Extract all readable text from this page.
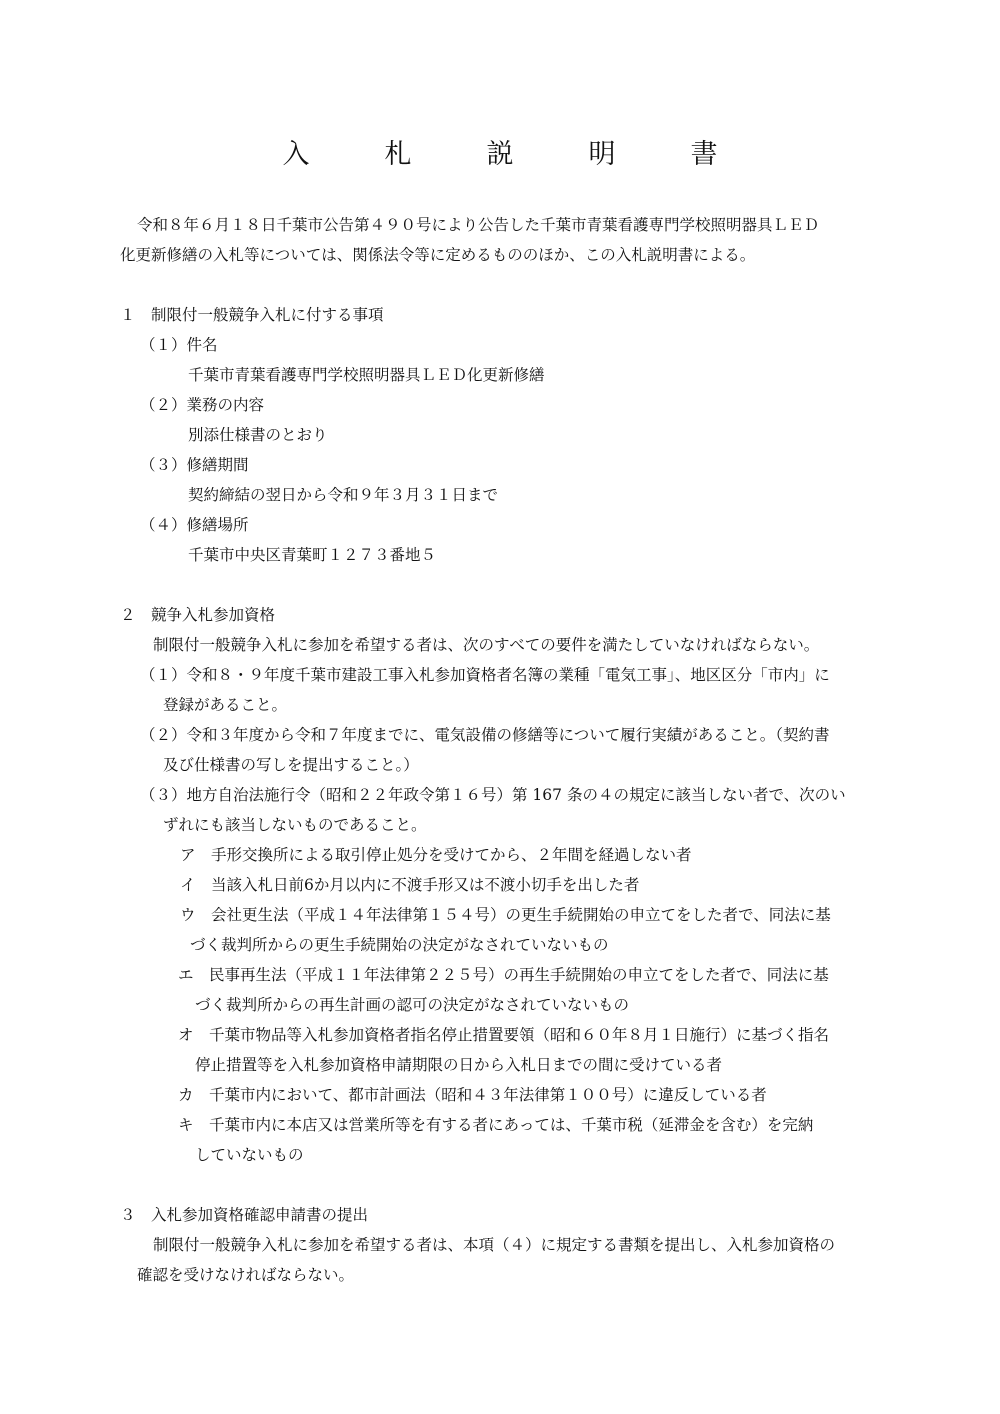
入	札	説	明	書
令和８年６月１８日千葉市公告第４９０号により公告した千葉市青葉看護専門学校照明器具ＬＥＤ
化更新修繕の入札等については、関係法令等に定めるもののほか、この入札説明書による。
１　制限付一般競争入札に付する事項
（１）件名
千葉市青葉看護専門学校照明器具ＬＥＤ化更新修繕
（２）業務の内容
別添仕様書のとおり
（３）修繕期間
契約締結の翌日から令和９年３月３１日まで
（４）修繕場所
千葉市中央区青葉町１２７３番地５
２　競争入札参加資格
制限付一般競争入札に参加を希望する者は、次のすべての要件を満たしていなければならない。
（１）令和８・９年度千葉市建設工事入札参加資格者名簿の業種「電気工事」、地区区分「市内」に
登録があること。
（２）令和３年度から令和７年度までに、電気設備の修繕等について履行実績があること。（契約書
及び仕様書の写しを提出すること。）
（３）地方自治法施行令（昭和２２年政令第１６号）第 167 条の４の規定に該当しない者で、次のい
ずれにも該当しないものであること。
ア　手形交換所による取引停止処分を受けてから、２年間を経過しない者
イ　当該入札日前6か月以内に不渡手形又は不渡小切手を出した者
ウ　会社更生法（平成１４年法律第１５４号）の更生手続開始の申立てをした者で、同法に基
づく裁判所からの更生手続開始の決定がなされていないもの
エ　民事再生法（平成１１年法律第２２５号）の再生手続開始の申立てをした者で、同法に基
づく裁判所からの再生計画の認可の決定がなされていないもの
オ　千葉市物品等入札参加資格者指名停止措置要領（昭和６０年８月１日施行）に基づく指名
停止措置等を入札参加資格申請期限の日から入札日までの間に受けている者
カ　千葉市内において、都市計画法（昭和４３年法律第１００号）に違反している者
キ　千葉市内に本店又は営業所等を有する者にあっては、千葉市税（延滞金を含む）を完納
していないもの
３　入札参加資格確認申請書の提出
制限付一般競争入札に参加を希望する者は、本項（４）に規定する書類を提出し、入札参加資格の
確認を受けなければならない。
